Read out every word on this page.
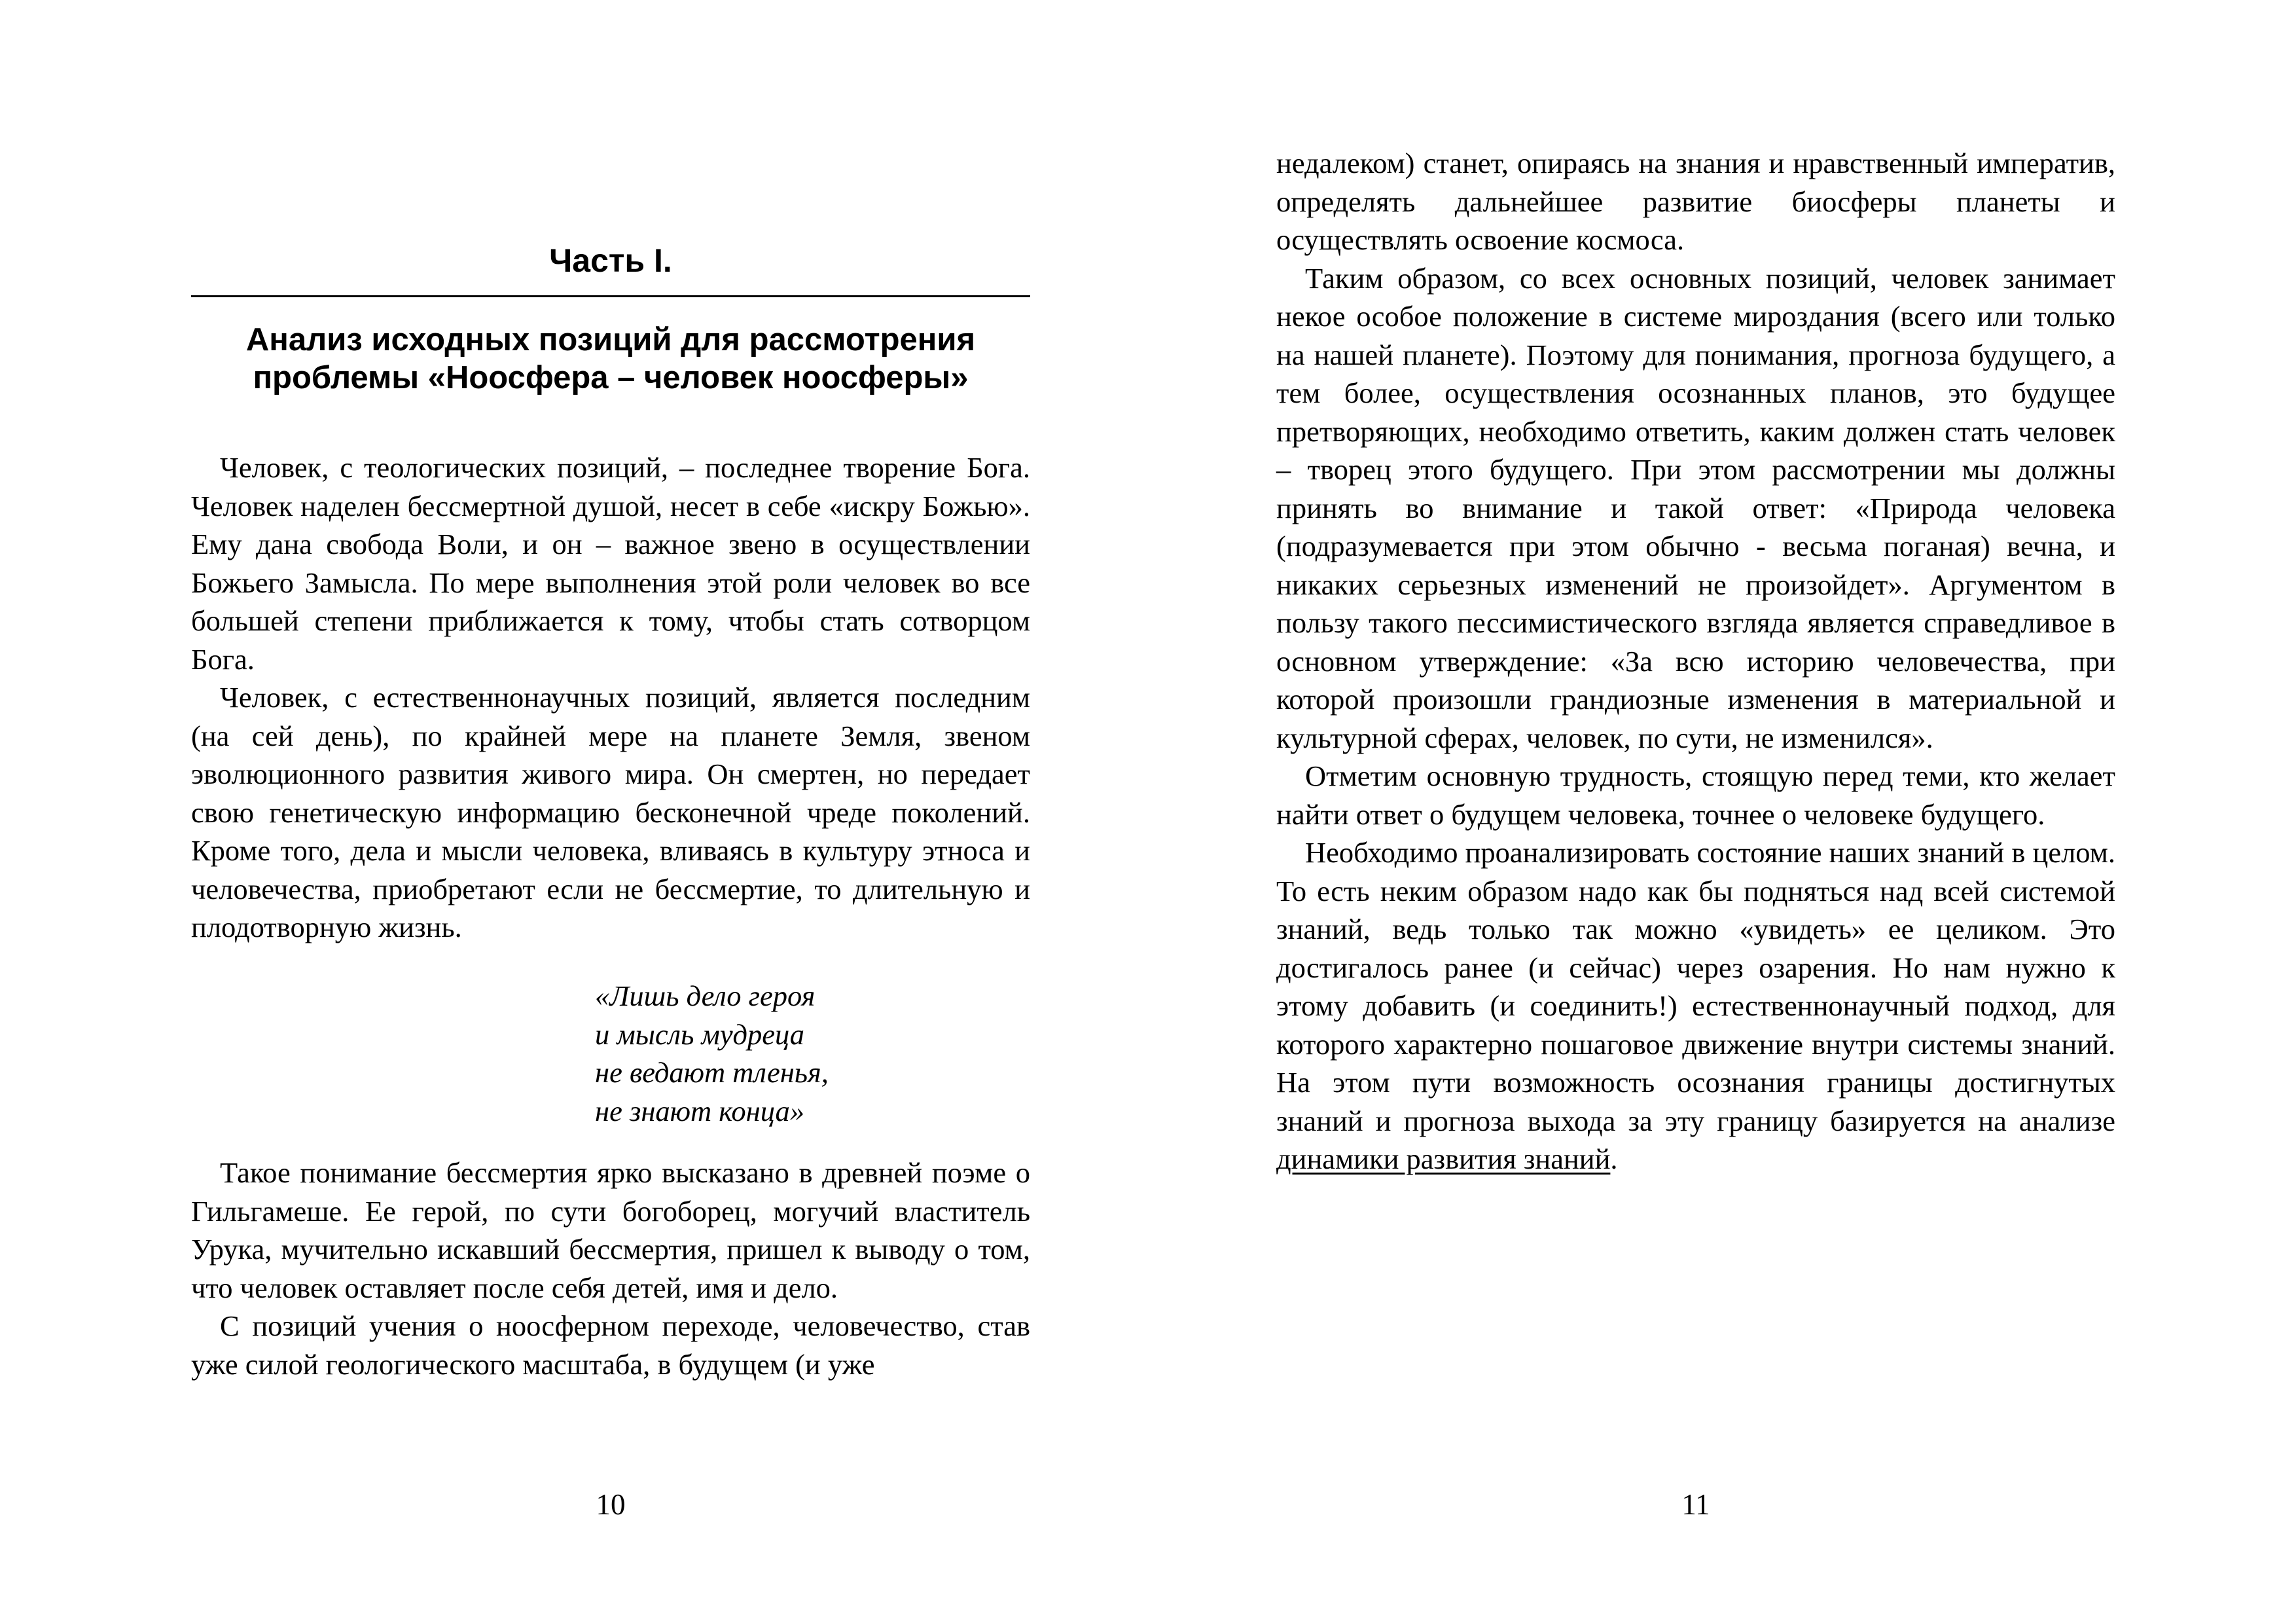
Часть I.
Анализ исходных позиций для рассмотрения
проблемы «Ноосфера – человек ноосферы»

Человек, с теологических позиций, – последнее творение Бога. Человек наделен бессмертной душой, несет в себе «искру Божью». Ему дана свобода Воли, и он – важное звено в осуществлении Божьего Замысла. По мере выполнения этой роли человек во все большей степени приближается к тому, чтобы стать сотворцом Бога.

Человек, с естественнонаучных позиций, является последним (на сей день), по крайней мере на планете Земля, звеном эволюционного развития живого мира. Он смертен, но передает свою генетическую информацию бесконечной чреде поколений. Кроме того, дела и мысли человека, вливаясь в культуру этноса и человечества, приобретают если не бессмертие, то длительную и плодотворную жизнь.

«Лишь дело героя
и мысль мудреца
не ведают тленья,
не знают конца»

Такое понимание бессмертия ярко высказано в древней поэме о Гильгамеше. Ее герой, по сути богоборец, могучий властитель Урука, мучительно искавший бессмертия, пришел к выводу о том, что человек оставляет после себя детей, имя и дело.

С позиций учения о ноосферном переходе, человечество, став уже силой геологического масштаба, в будущем (и уже

10

недалеком) станет, опираясь на знания и нравственный императив, определять дальнейшее развитие биосферы планеты и осуществлять освоение космоса.

Таким образом, со всех основных позиций, человек занимает некое особое положение в системе мироздания (всего или только на нашей планете). Поэтому для понимания, прогноза будущего, а тем более, осуществления осознанных планов, это будущее претворяющих, необходимо ответить, каким должен стать человек – творец этого будущего. При этом рассмотрении мы должны принять во внимание и такой ответ: «Природа человека (подразумевается при этом обычно - весьма поганая) вечна, и никаких серьезных изменений не произойдет». Аргументом в пользу такого пессимистического взгляда является справедливое в основном утверждение: «За всю историю человечества, при которой произошли грандиозные изменения в материальной и культурной сферах, человек, по сути, не изменился».

Отметим основную трудность, стоящую перед теми, кто желает найти ответ о будущем человека, точнее о человеке будущего.

Необходимо проанализировать состояние наших знаний в целом. То есть неким образом надо как бы подняться над всей системой знаний, ведь только так можно «увидеть» ее целиком. Это достигалось ранее (и сейчас) через озарения. Но нам нужно к этому добавить (и соединить!) естественнонаучный подход, для которого характерно пошаговое движение внутри системы знаний. На этом пути возможность осознания границы достигнутых знаний и прогноза выхода за эту границу базируется на анализе динамики развития знаний.

11
